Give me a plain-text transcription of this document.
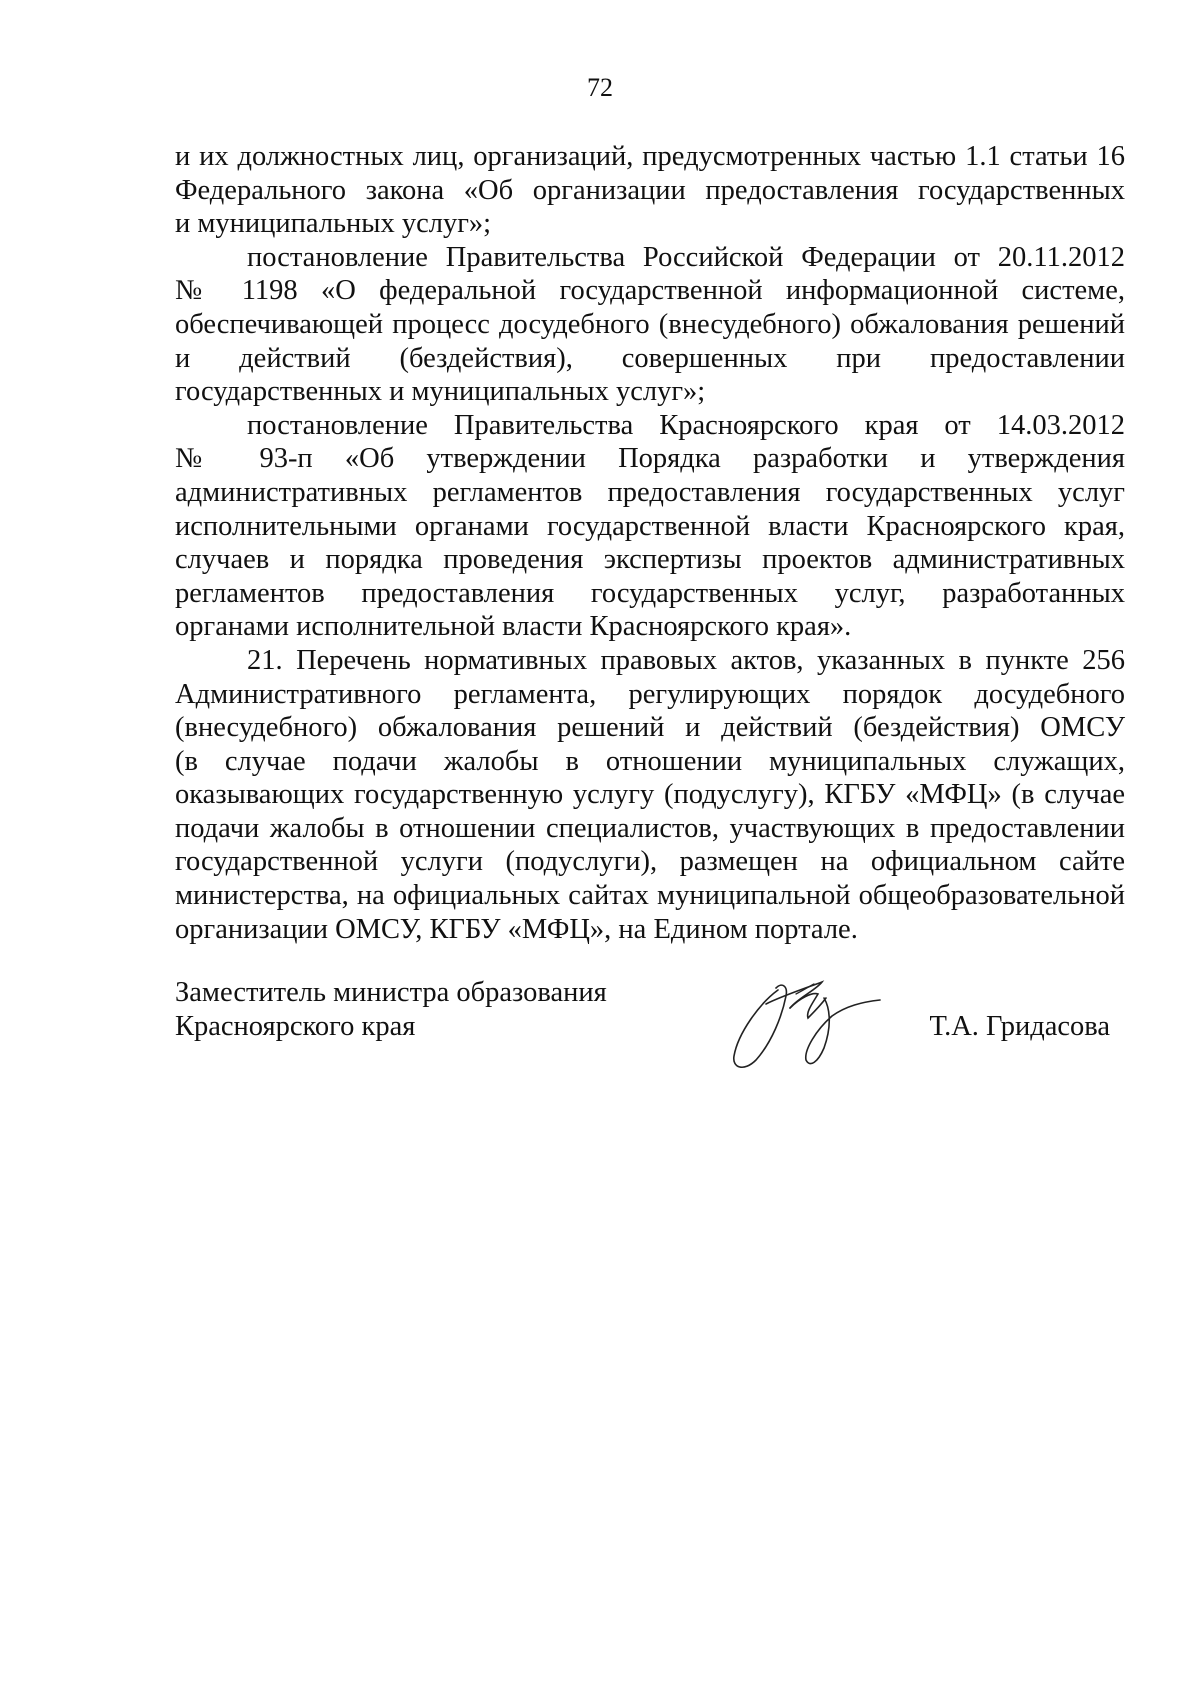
72
и их должностных лиц, организаций, предусмотренных частью 1.1 статьи 16
Федерального закона «Об организации предоставления государственных
и муниципальных услуг»;
постановление Правительства Российской Федерации от 20.11.2012
№ 1198 «О федеральной государственной информационной системе,
обеспечивающей процесс досудебного (внесудебного) обжалования решений
и действий (бездействия), совершенных при предоставлении
государственных и муниципальных услуг»;
постановление Правительства Красноярского края от 14.03.2012
№ 93-п «Об утверждении Порядка разработки и утверждения
административных регламентов предоставления государственных услуг
исполнительными органами государственной власти Красноярского края,
случаев и порядка проведения экспертизы проектов административных
регламентов предоставления государственных услуг, разработанных
органами исполнительной власти Красноярского края».
21. Перечень нормативных правовых актов, указанных в пункте 256
Административного регламента, регулирующих порядок досудебного
(внесудебного) обжалования решений и действий (бездействия) ОМСУ
(в случае подачи жалобы в отношении муниципальных служащих,
оказывающих государственную услугу (подуслугу), КГБУ «МФЦ» (в случае
подачи жалобы в отношении специалистов, участвующих в предоставлении
государственной услуги (подуслуги), размещен на официальном сайте
министерства, на официальных сайтах муниципальной общеобразовательной
организации ОМСУ, КГБУ «МФЦ», на Едином портале.
Заместитель министра образования
Красноярского края	Т.А. Гридасова
